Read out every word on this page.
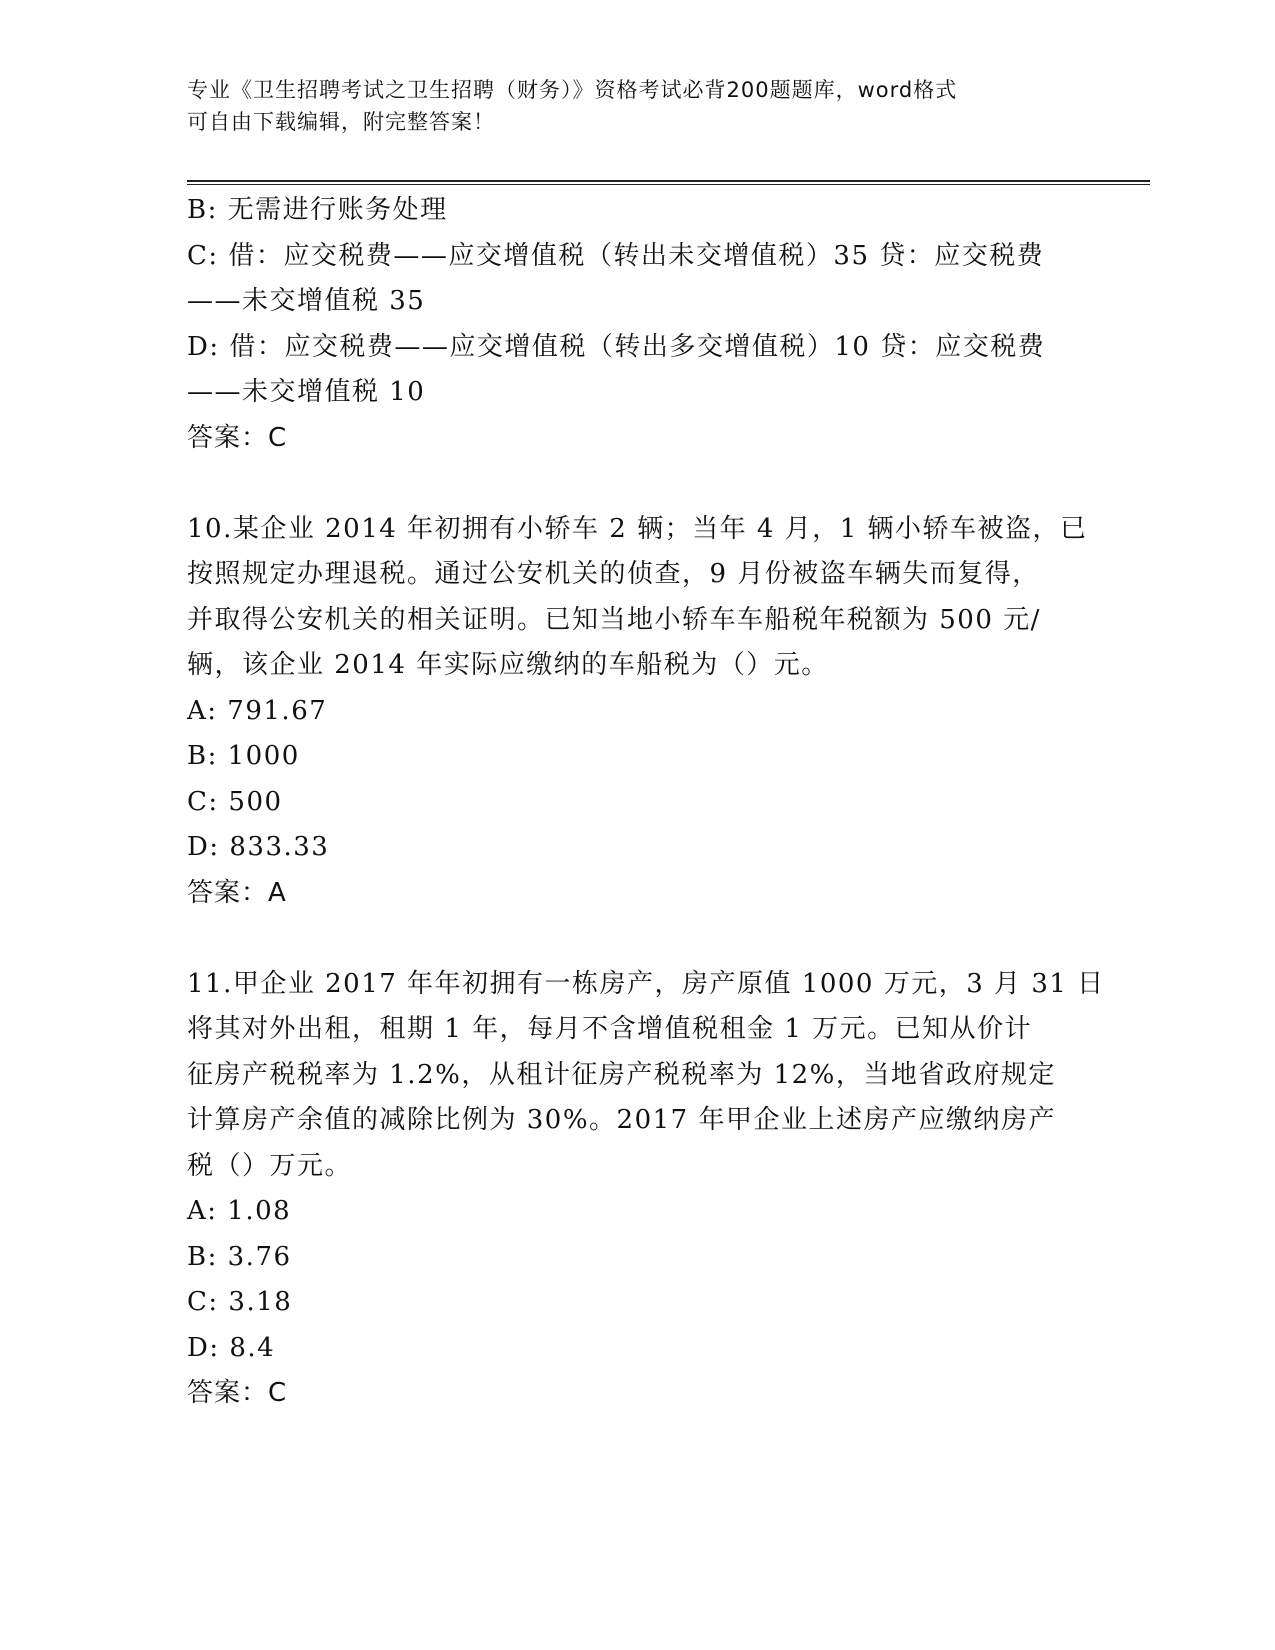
专业《卫生招聘考试之卫生招聘（财务）》资格考试必背200题题库，word格式
可自由下载编辑，附完整答案！
B: 无需进行账务处理
C: 借：应交税费——应交增值税（转出未交增值税）35 贷：应交税费
——未交增值税 35
D: 借：应交税费——应交增值税（转出多交增值税）10 贷：应交税费
——未交增值税 10
答案：C
10.某企业 2014 年初拥有小轿车 2 辆；当年 4 月，1 辆小轿车被盗，已
按照规定办理退税。通过公安机关的侦查，9 月份被盗车辆失而复得，
并取得公安机关的相关证明。已知当地小轿车车船税年税额为 500 元/
辆，该企业 2014 年实际应缴纳的车船税为（）元。
A: 791.67
B: 1000
C: 500
D: 833.33
答案：A
11.甲企业 2017 年年初拥有一栋房产，房产原值 1000 万元，3 月 31 日
将其对外出租，租期 1 年，每月不含增值税租金 1 万元。已知从价计
征房产税税率为 1.2%，从租计征房产税税率为 12%，当地省政府规定
计算房产余值的减除比例为 30%。2017 年甲企业上述房产应缴纳房产
税（）万元。
A: 1.08
B: 3.76
C: 3.18
D: 8.4
答案：C
